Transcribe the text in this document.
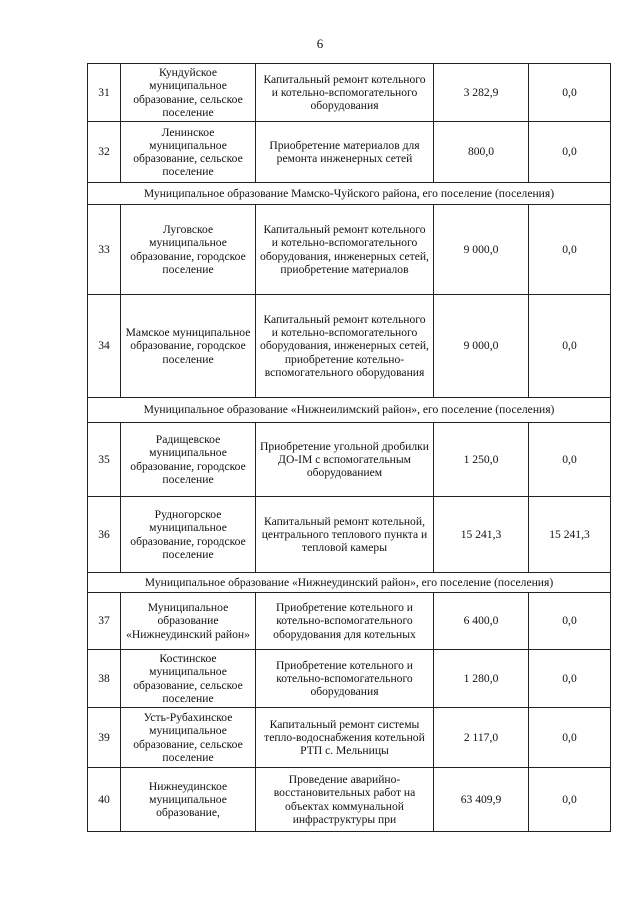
6
31	Кундуйское муниципальное образование, сельское поселение	Капитальный ремонт котельного и котельно-вспомогательного оборудования	3 282,9	0,0
32	Ленинское муниципальное образование, сельское поселение	Приобретение материалов для ремонта инженерных сетей	800,0	0,0
Муниципальное образование Мамско-Чуйского района, его поселение (поселения)				
33	Луговское муниципальное образование, городское поселение	Капитальный ремонт котельного и котельно-вспомогательного оборудования, инженерных сетей, приобретение материалов	9 000,0	0,0
34	Мамское муниципальное образование, городское поселение	Капитальный ремонт котельного и котельно-вспомогательного оборудования, инженерных сетей, приобретение котельно-вспомогательного оборудования	9 000,0	0,0
Муниципальное образование «Нижнеилимский район», его поселение (поселения)				
35	Радищевское муниципальное образование, городское поселение	Приобретение угольной дробилки ДО-IМ с вспомогательным оборудованием	1 250,0	0,0
36	Рудногорское муниципальное образование, городское поселение	Капитальный ремонт котельной, центрального теплового пункта и тепловой камеры	15 241,3	15 241,3
Муниципальное образование «Нижнеудинский район», его поселение (поселения)				
37	Муниципальное образование «Нижнеудинский район»	Приобретение котельного и котельно-вспомогательного оборудования для котельных	6 400,0	0,0
38	Костинское муниципальное образование, сельское поселение	Приобретение котельного и котельно-вспомогательного оборудования	1 280,0	0,0
39	Усть-Рубахинское муниципальное образование, сельское поселение	Капитальный ремонт системы тепло-водоснабжения котельной РТП с. Мельницы	2 117,0	0,0
40	Нижнеудинское муниципальное образование,	Проведение аварийно-восстановительных работ на объектах коммунальной инфраструктуры при	63 409,9	0,0
